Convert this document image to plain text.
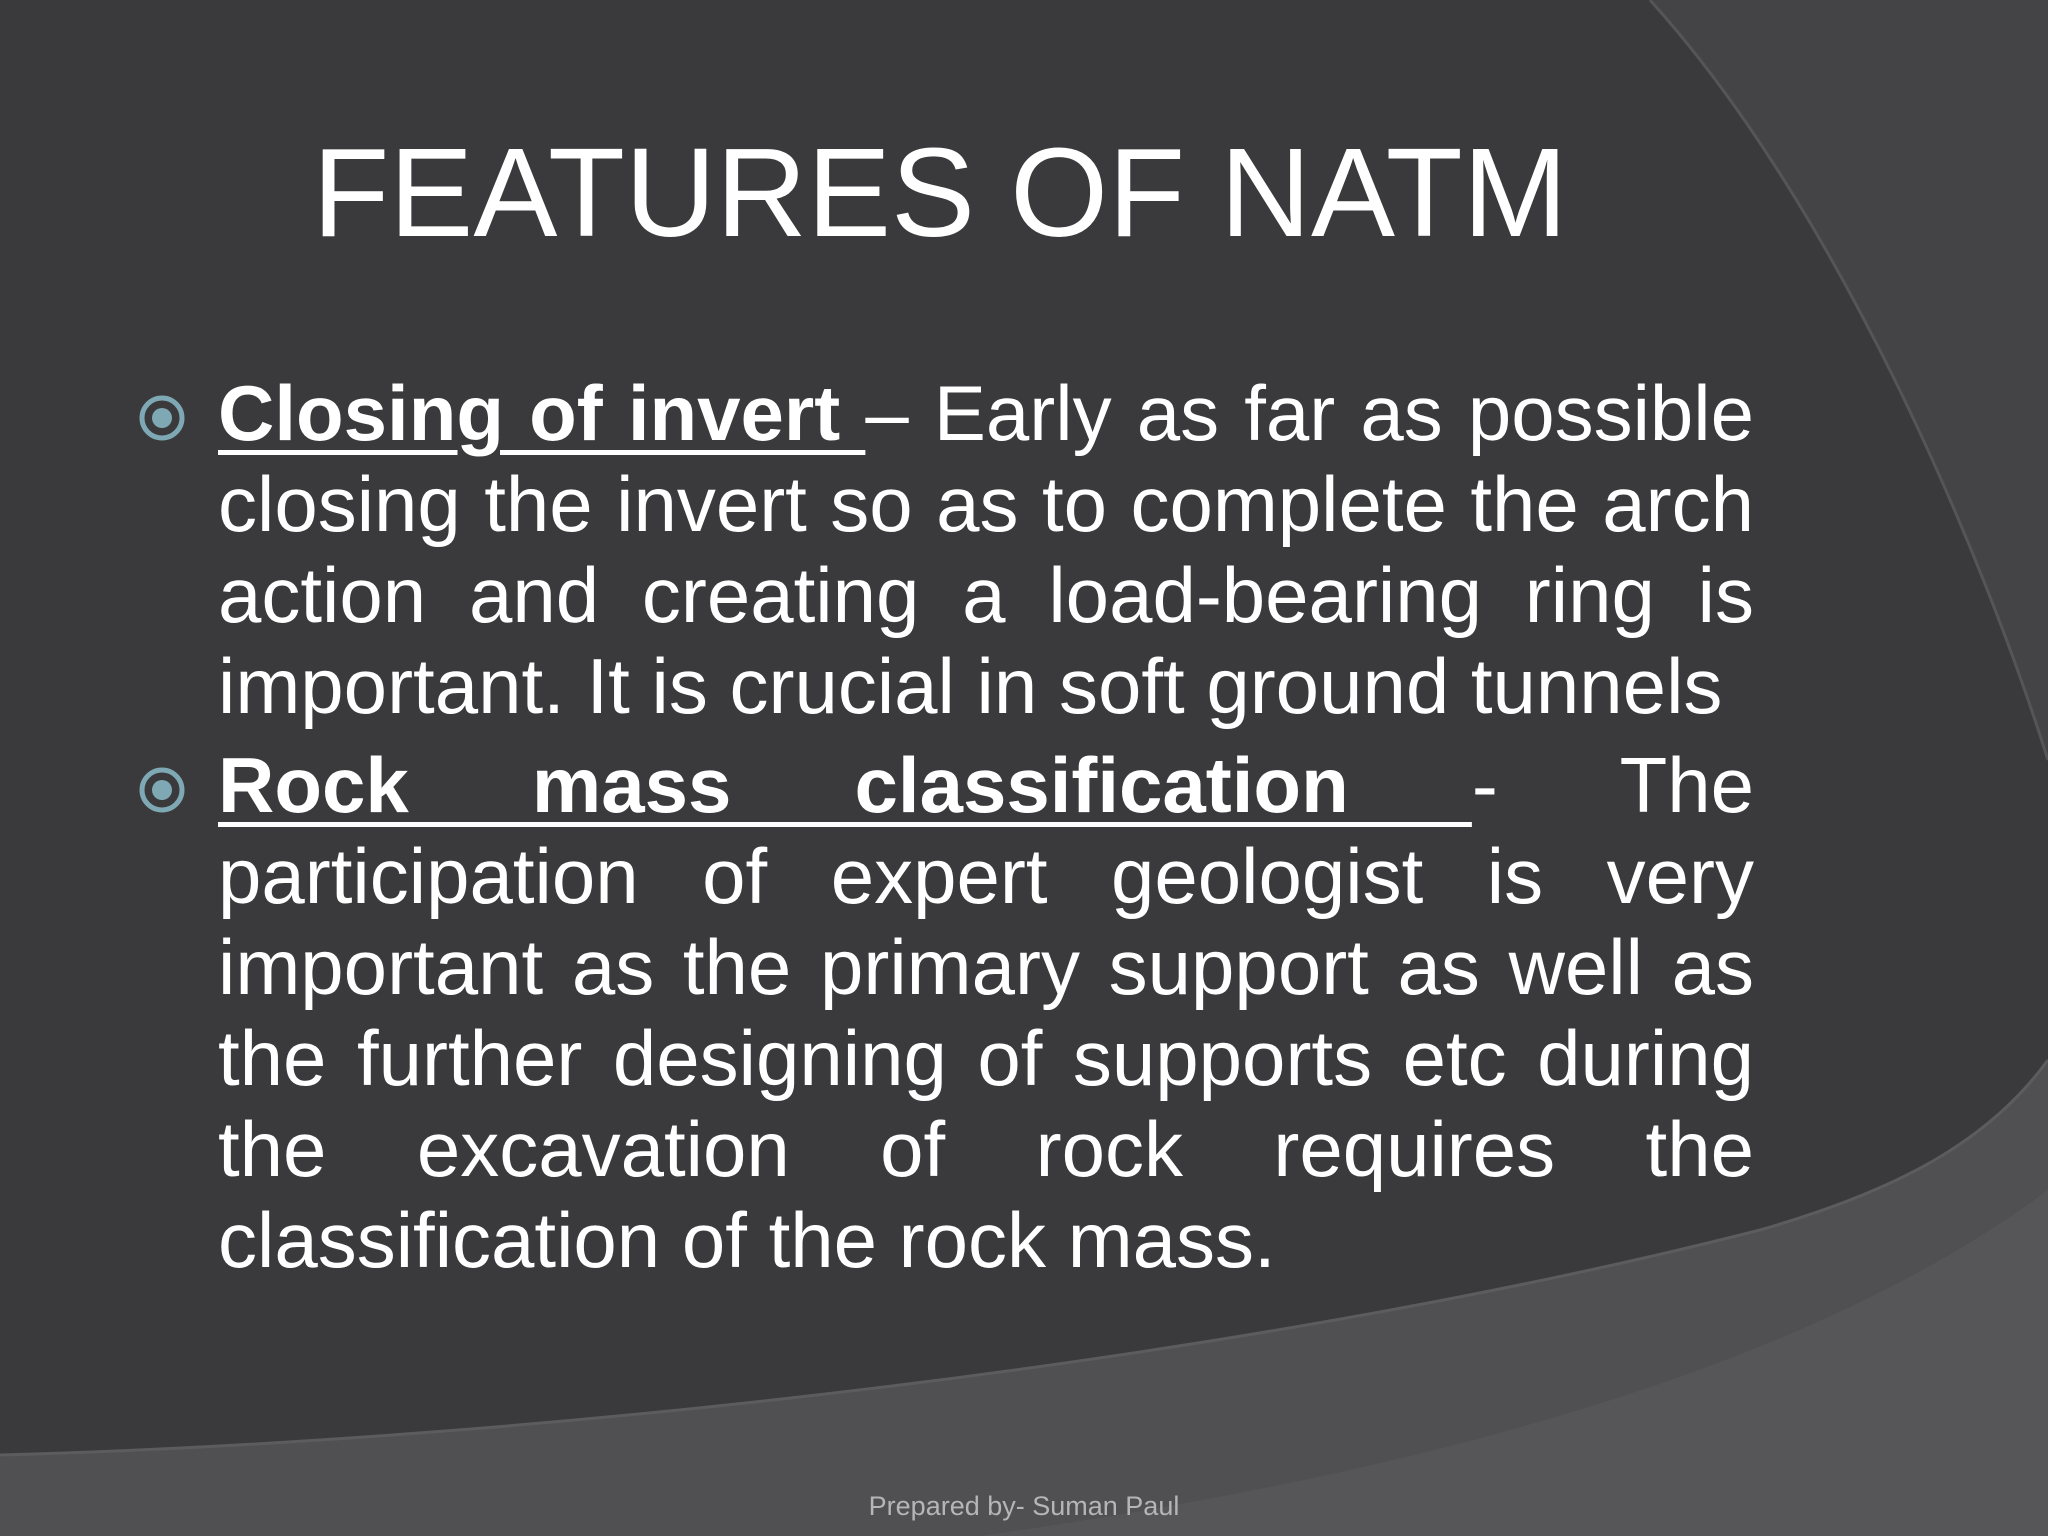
FEATURES OF NATM
Closing of invert – Early as far as possible closing the invert so as to complete the arch action and creating a load-bearing ring is important. It is crucial in soft ground tunnels
Rock mass classification - The participation of expert geologist is very important as the primary support as well as the further designing of supports etc during the excavation of rock requires the classification of the rock mass.
Prepared by- Suman Paul
